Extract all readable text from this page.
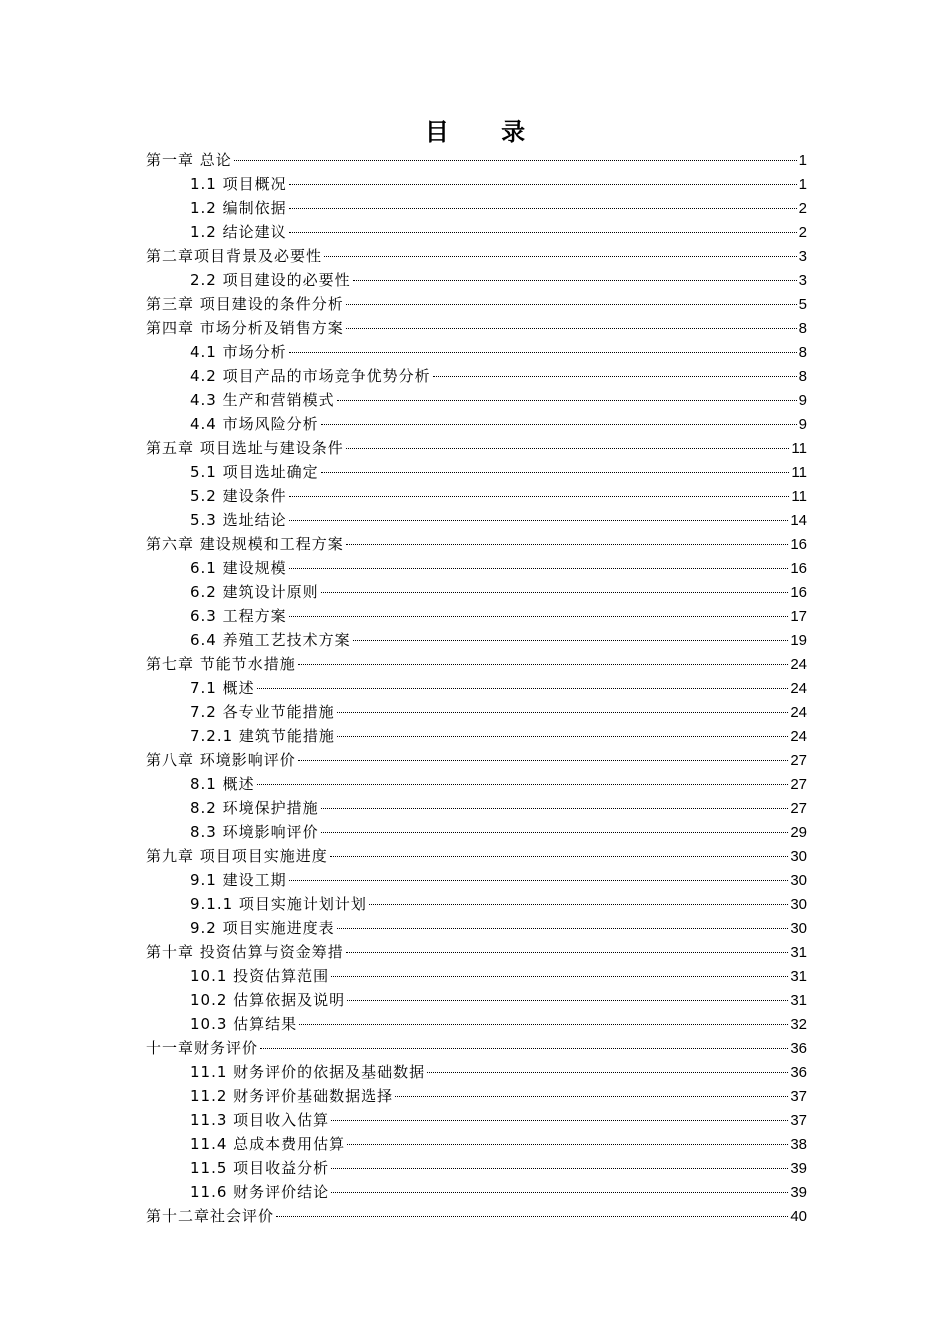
目 录
第一章 总论	1
1.1 项目概况	1
1.2 编制依据	2
1.2 结论建议	2
第二章项目背景及必要性	3
2.2 项目建设的必要性	3
第三章 项目建设的条件分析	5
第四章 市场分析及销售方案	8
4.1 市场分析	8
4.2 项目产品的市场竞争优势分析	8
4.3 生产和营销模式	9
4.4 市场风险分析	9
第五章 项目选址与建设条件	11
5.1 项目选址确定	11
5.2 建设条件	11
5.3 选址结论	14
第六章 建设规模和工程方案	16
6.1 建设规模	16
6.2 建筑设计原则	16
6.3 工程方案	17
6.4 养殖工艺技术方案	19
第七章 节能节水措施	24
7.1 概述	24
7.2 各专业节能措施	24
7.2.1 建筑节能措施	24
第八章 环境影响评价	27
8.1 概述	27
8.2 环境保护措施	27
8.3 环境影响评价	29
第九章 项目项目实施进度	30
9.1 建设工期	30
9.1.1 项目实施计划计划	30
9.2 项目实施进度表	30
第十章 投资估算与资金筹措	31
10.1 投资估算范围	31
10.2 估算依据及说明	31
10.3 估算结果	32
十一章财务评价	36
11.1 财务评价的依据及基础数据	36
11.2 财务评价基础数据选择	37
11.3 项目收入估算	37
11.4 总成本费用估算	38
11.5 项目收益分析	39
11.6 财务评价结论	39
第十二章社会评价	40
